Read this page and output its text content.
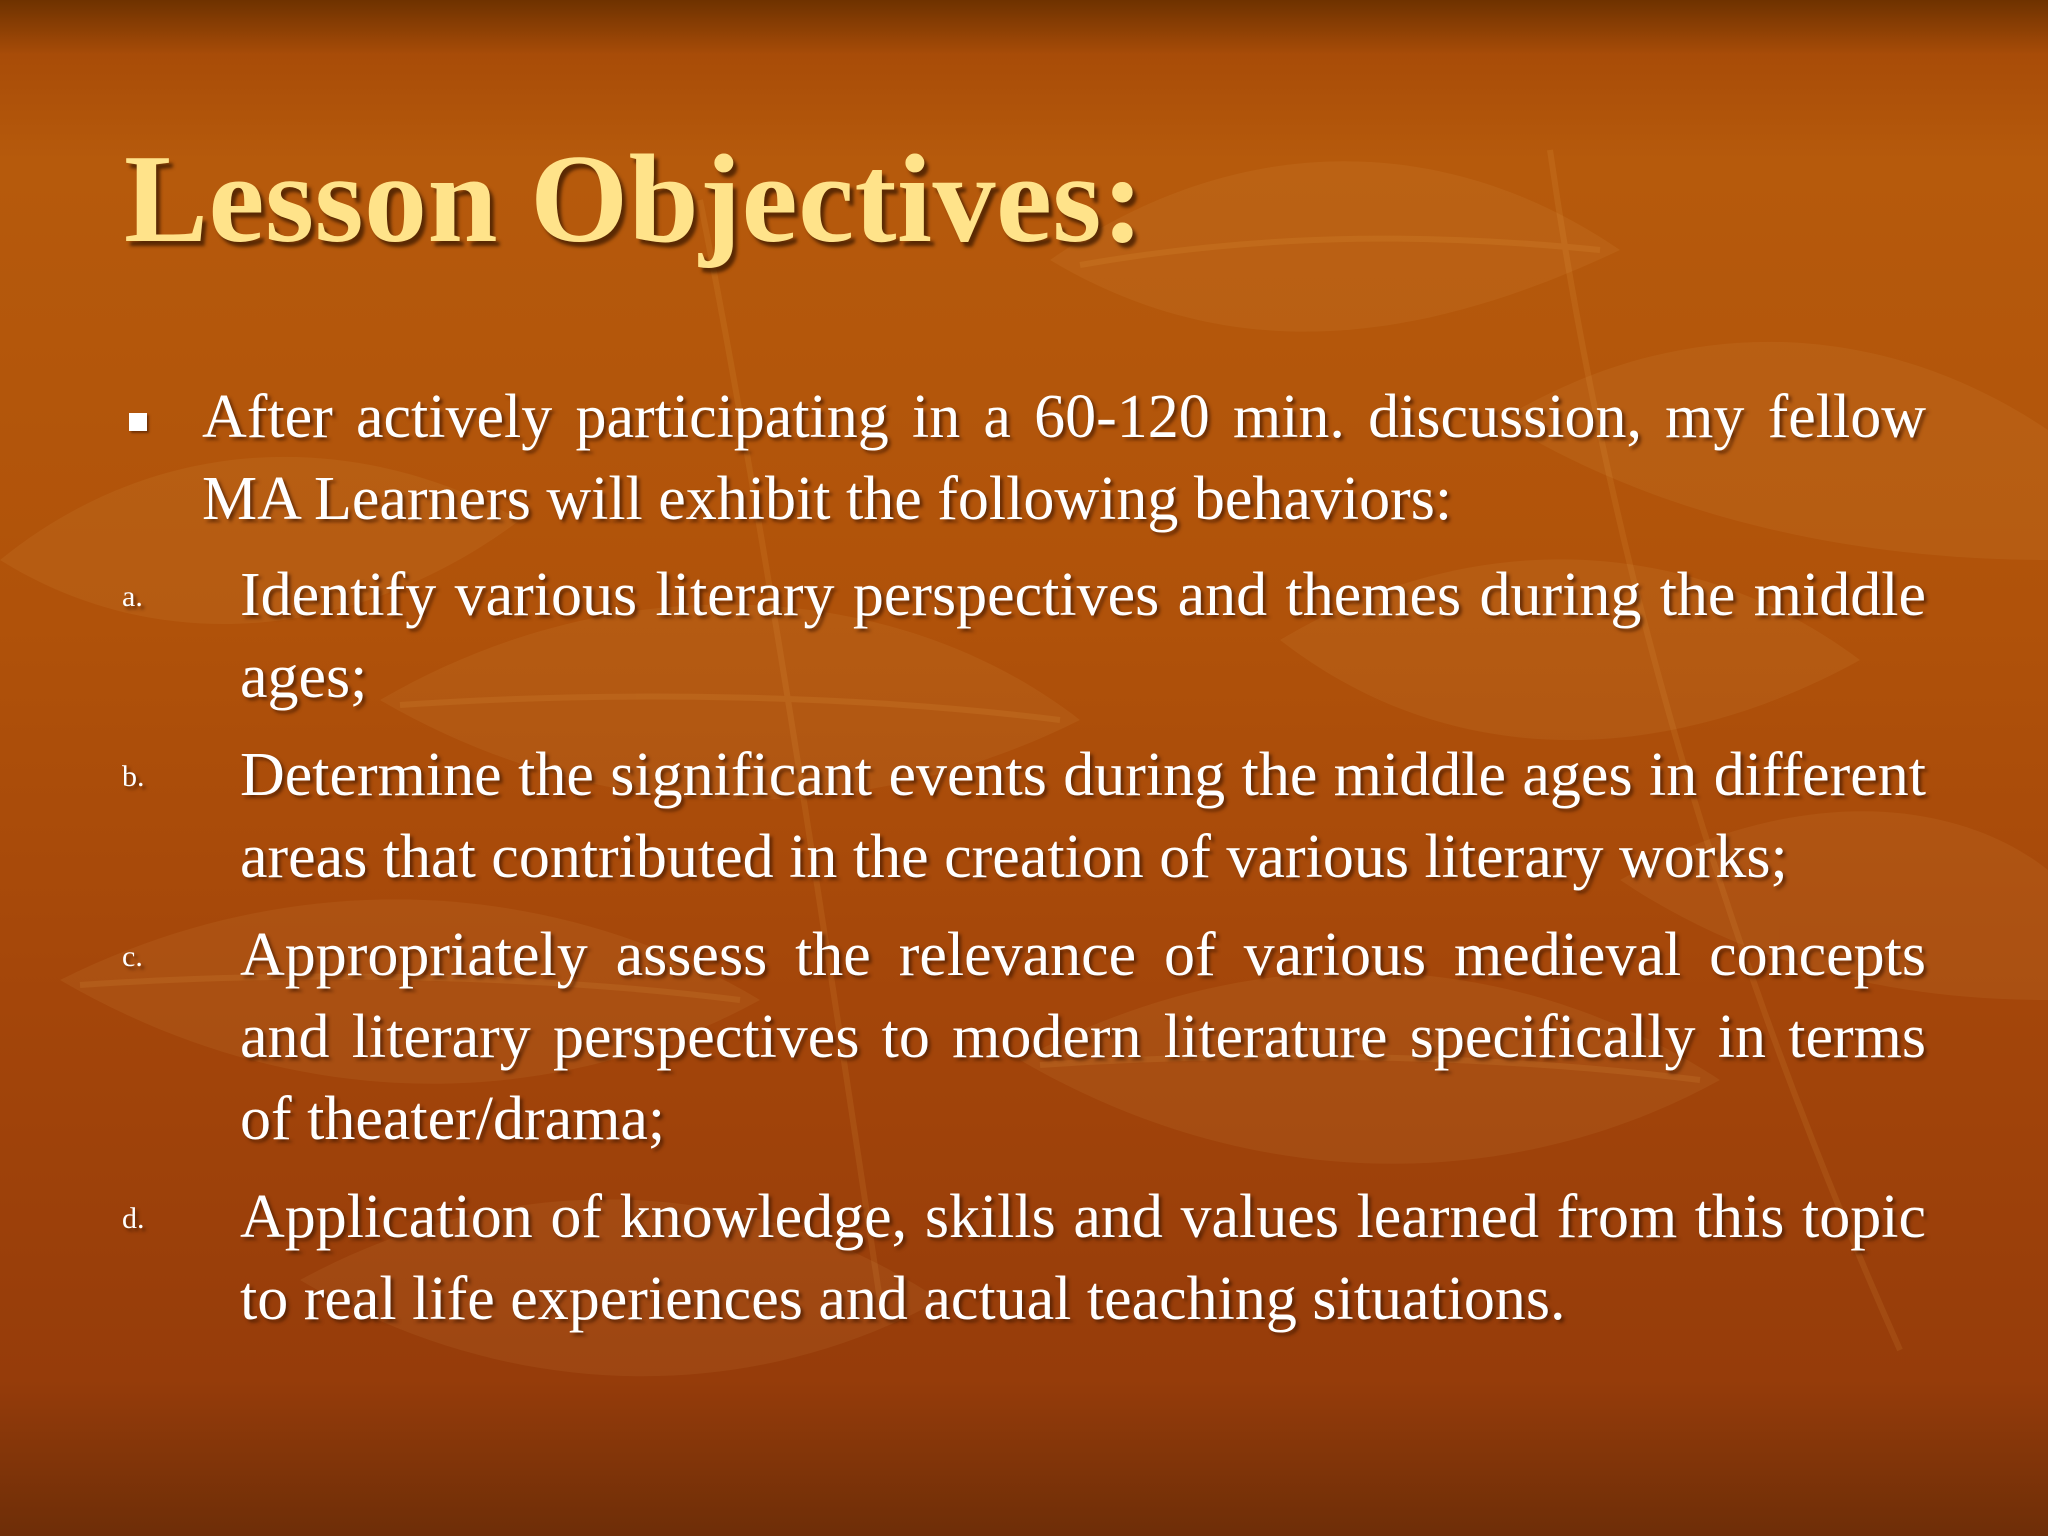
Lesson Objectives:
After actively participating in a 60-120 min. discussion, my fellow MA Learners will exhibit the following behaviors:
a. Identify various literary perspectives and themes during the middle ages;
b. Determine the significant events during the middle ages in different areas that contributed in the creation of various literary works;
c. Appropriately assess the relevance of various medieval concepts and literary perspectives to modern literature specifically in terms of theater/drama;
d. Application of knowledge, skills and values learned from this topic to real life experiences and actual teaching situations.
